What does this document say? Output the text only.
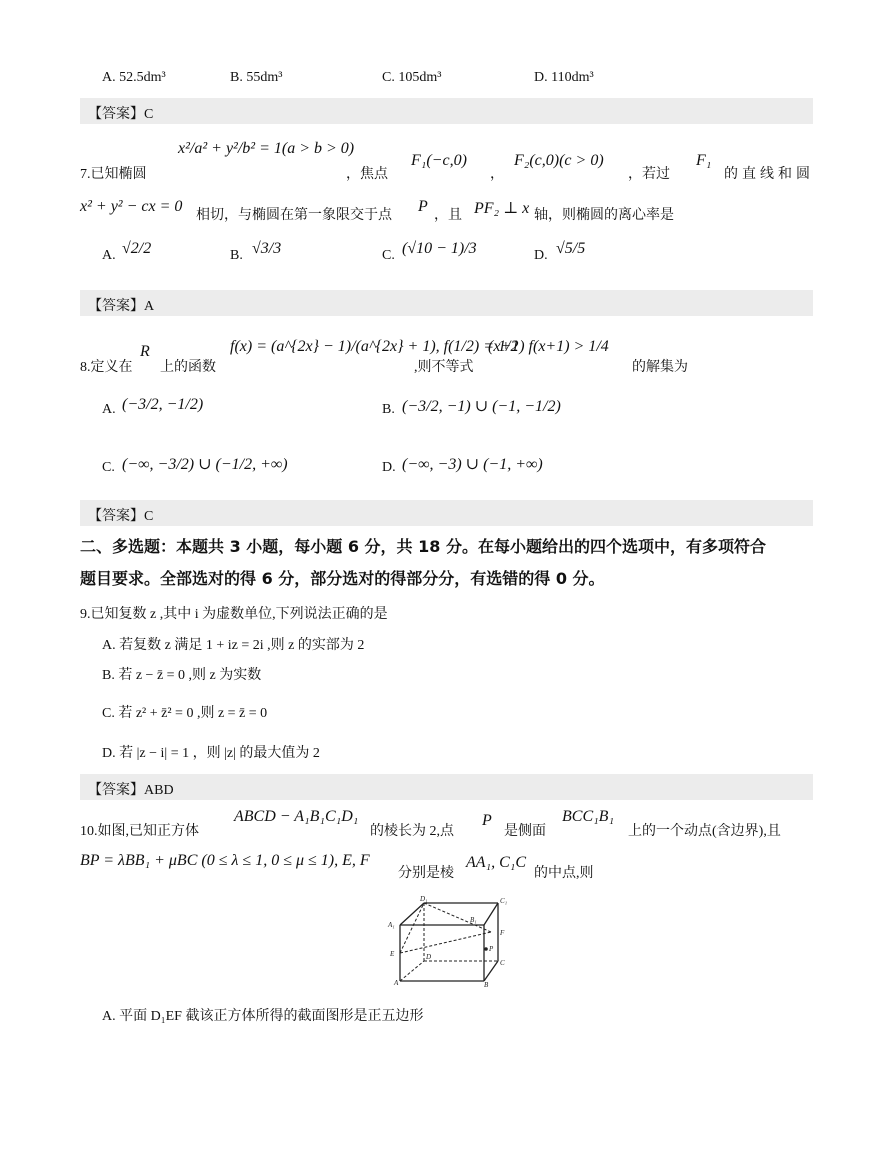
A. 52.5dm³	B. 55dm³	C. 105dm³	D. 110dm³
【答案】C
7.已知椭圆
x²/a² + y²/b² = 1(a > b > 0)
，焦点
F₁(−c,0)
，
F₂(c,0)(c > 0)
，若过
F₁
的直线和圆
x² + y² − cx = 0
相切，与椭圆在第一象限交于点
P
，且 PF₂ ⊥ x 轴，则椭圆的离心率是
A. √2/2	B. √3/3	C. (√10 − 1)/3	D. √5/5
【答案】A
8.定义在
R
上的函数
f(x) = (a^{2x} − 1)/(a^{2x} + 1), f(1/2) = 1/2
,则不等式
(x+1) f(x+1) > 1/4
的解集为
A. (−3/2, −1/2)	B. (−3/2, −1) ∪ (−1, −1/2)
C. (−∞, −3/2) ∪ (−1/2, +∞)	D. (−∞, −3) ∪ (−1, +∞)
【答案】C
二、多选题：本题共 3 小题，每小题 6 分，共 18 分。在每小题给出的四个选项中，有多项符合
题目要求。全部选对的得 6 分，部分选对的得部分分，有选错的得 0 分。
9.已知复数 z ,其中 i 为虚数单位,下列说法正确的是
A. 若复数 z 满足 1 + iz = 2i ,则 z 的实部为 2
B. 若 z − z̄ = 0 ,则 z 为实数
C. 若 z² + z̄² = 0 ,则 z = z̄ = 0
D. 若 |z − i| = 1 ，则 |z| 的最大值为 2
【答案】ABD
10.如图,已知正方体
ABCD − A₁B₁C₁D₁
的棱长为 2,点
P
是侧面
BCC₁B₁
上的一个动点(含边界),且
BP = λBB₁ + μBC (0 ≤ λ ≤ 1, 0 ≤ μ ≤ 1), E, F
分别是棱
AA₁, C₁C
的中点,则
D₁	C₁
A₁
B₁
F
E	D
P
C
A	B
A. 平面 D₁EF 截该正方体所得的截面图形是正五边形
